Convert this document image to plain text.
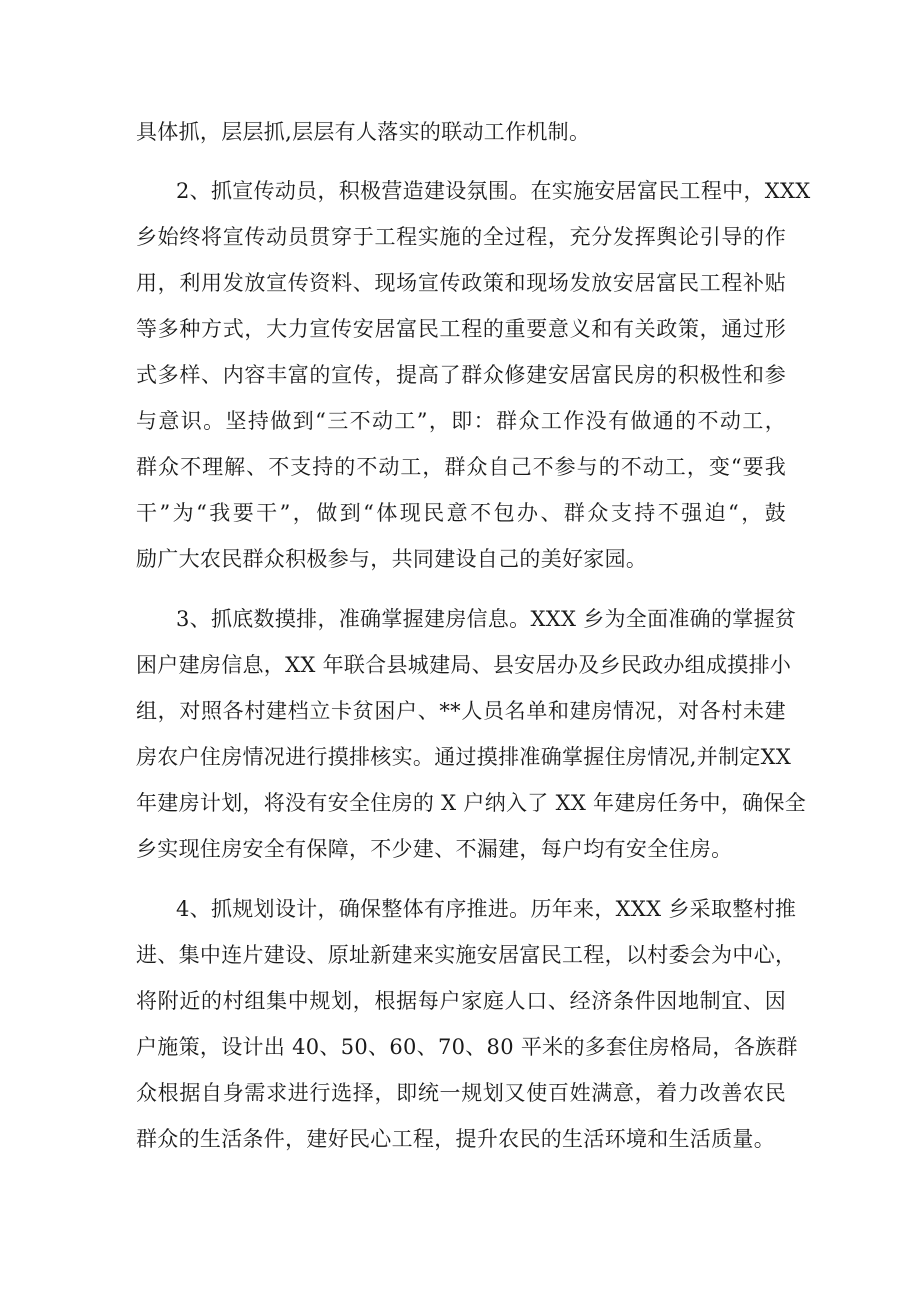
具体抓，层层抓,层层有人落实的联动工作机制。
2、抓宣传动员，积极营造建设氛围。在实施安居富民工程中，XXX
乡始终将宣传动员贯穿于工程实施的全过程，充分发挥舆论引导的作
用，利用发放宣传资料、现场宣传政策和现场发放安居富民工程补贴
等多种方式，大力宣传安居富民工程的重要意义和有关政策，通过形
式多样、内容丰富的宣传，提高了群众修建安居富民房的积极性和参
与意识。坚持做到“三不动工”，即：群众工作没有做通的不动工，
群众不理解、不支持的不动工，群众自己不参与的不动工，变“要我
干”为“我要干”，做到“体现民意不包办、群众支持不强迫“，鼓
励广大农民群众积极参与，共同建设自己的美好家园。
3、抓底数摸排，准确掌握建房信息。XXX 乡为全面准确的掌握贫
困户建房信息，XX 年联合县城建局、县安居办及乡民政办组成摸排小
组，对照各村建档立卡贫困户、**人员名单和建房情况，对各村未建
房农户住房情况进行摸排核实。通过摸排准确掌握住房情况,并制定XX
年建房计划，将没有安全住房的 X 户纳入了 XX 年建房任务中，确保全
乡实现住房安全有保障，不少建、不漏建，每户均有安全住房。
4、抓规划设计，确保整体有序推进。历年来，XXX 乡采取整村推
进、集中连片建设、原址新建来实施安居富民工程，以村委会为中心，
将附近的村组集中规划，根据每户家庭人口、经济条件因地制宜、因
户施策，设计出 40、50、60、70、80 平米的多套住房格局，各族群
众根据自身需求进行选择，即统一规划又使百姓满意，着力改善农民
群众的生活条件，建好民心工程，提升农民的生活环境和生活质量。
